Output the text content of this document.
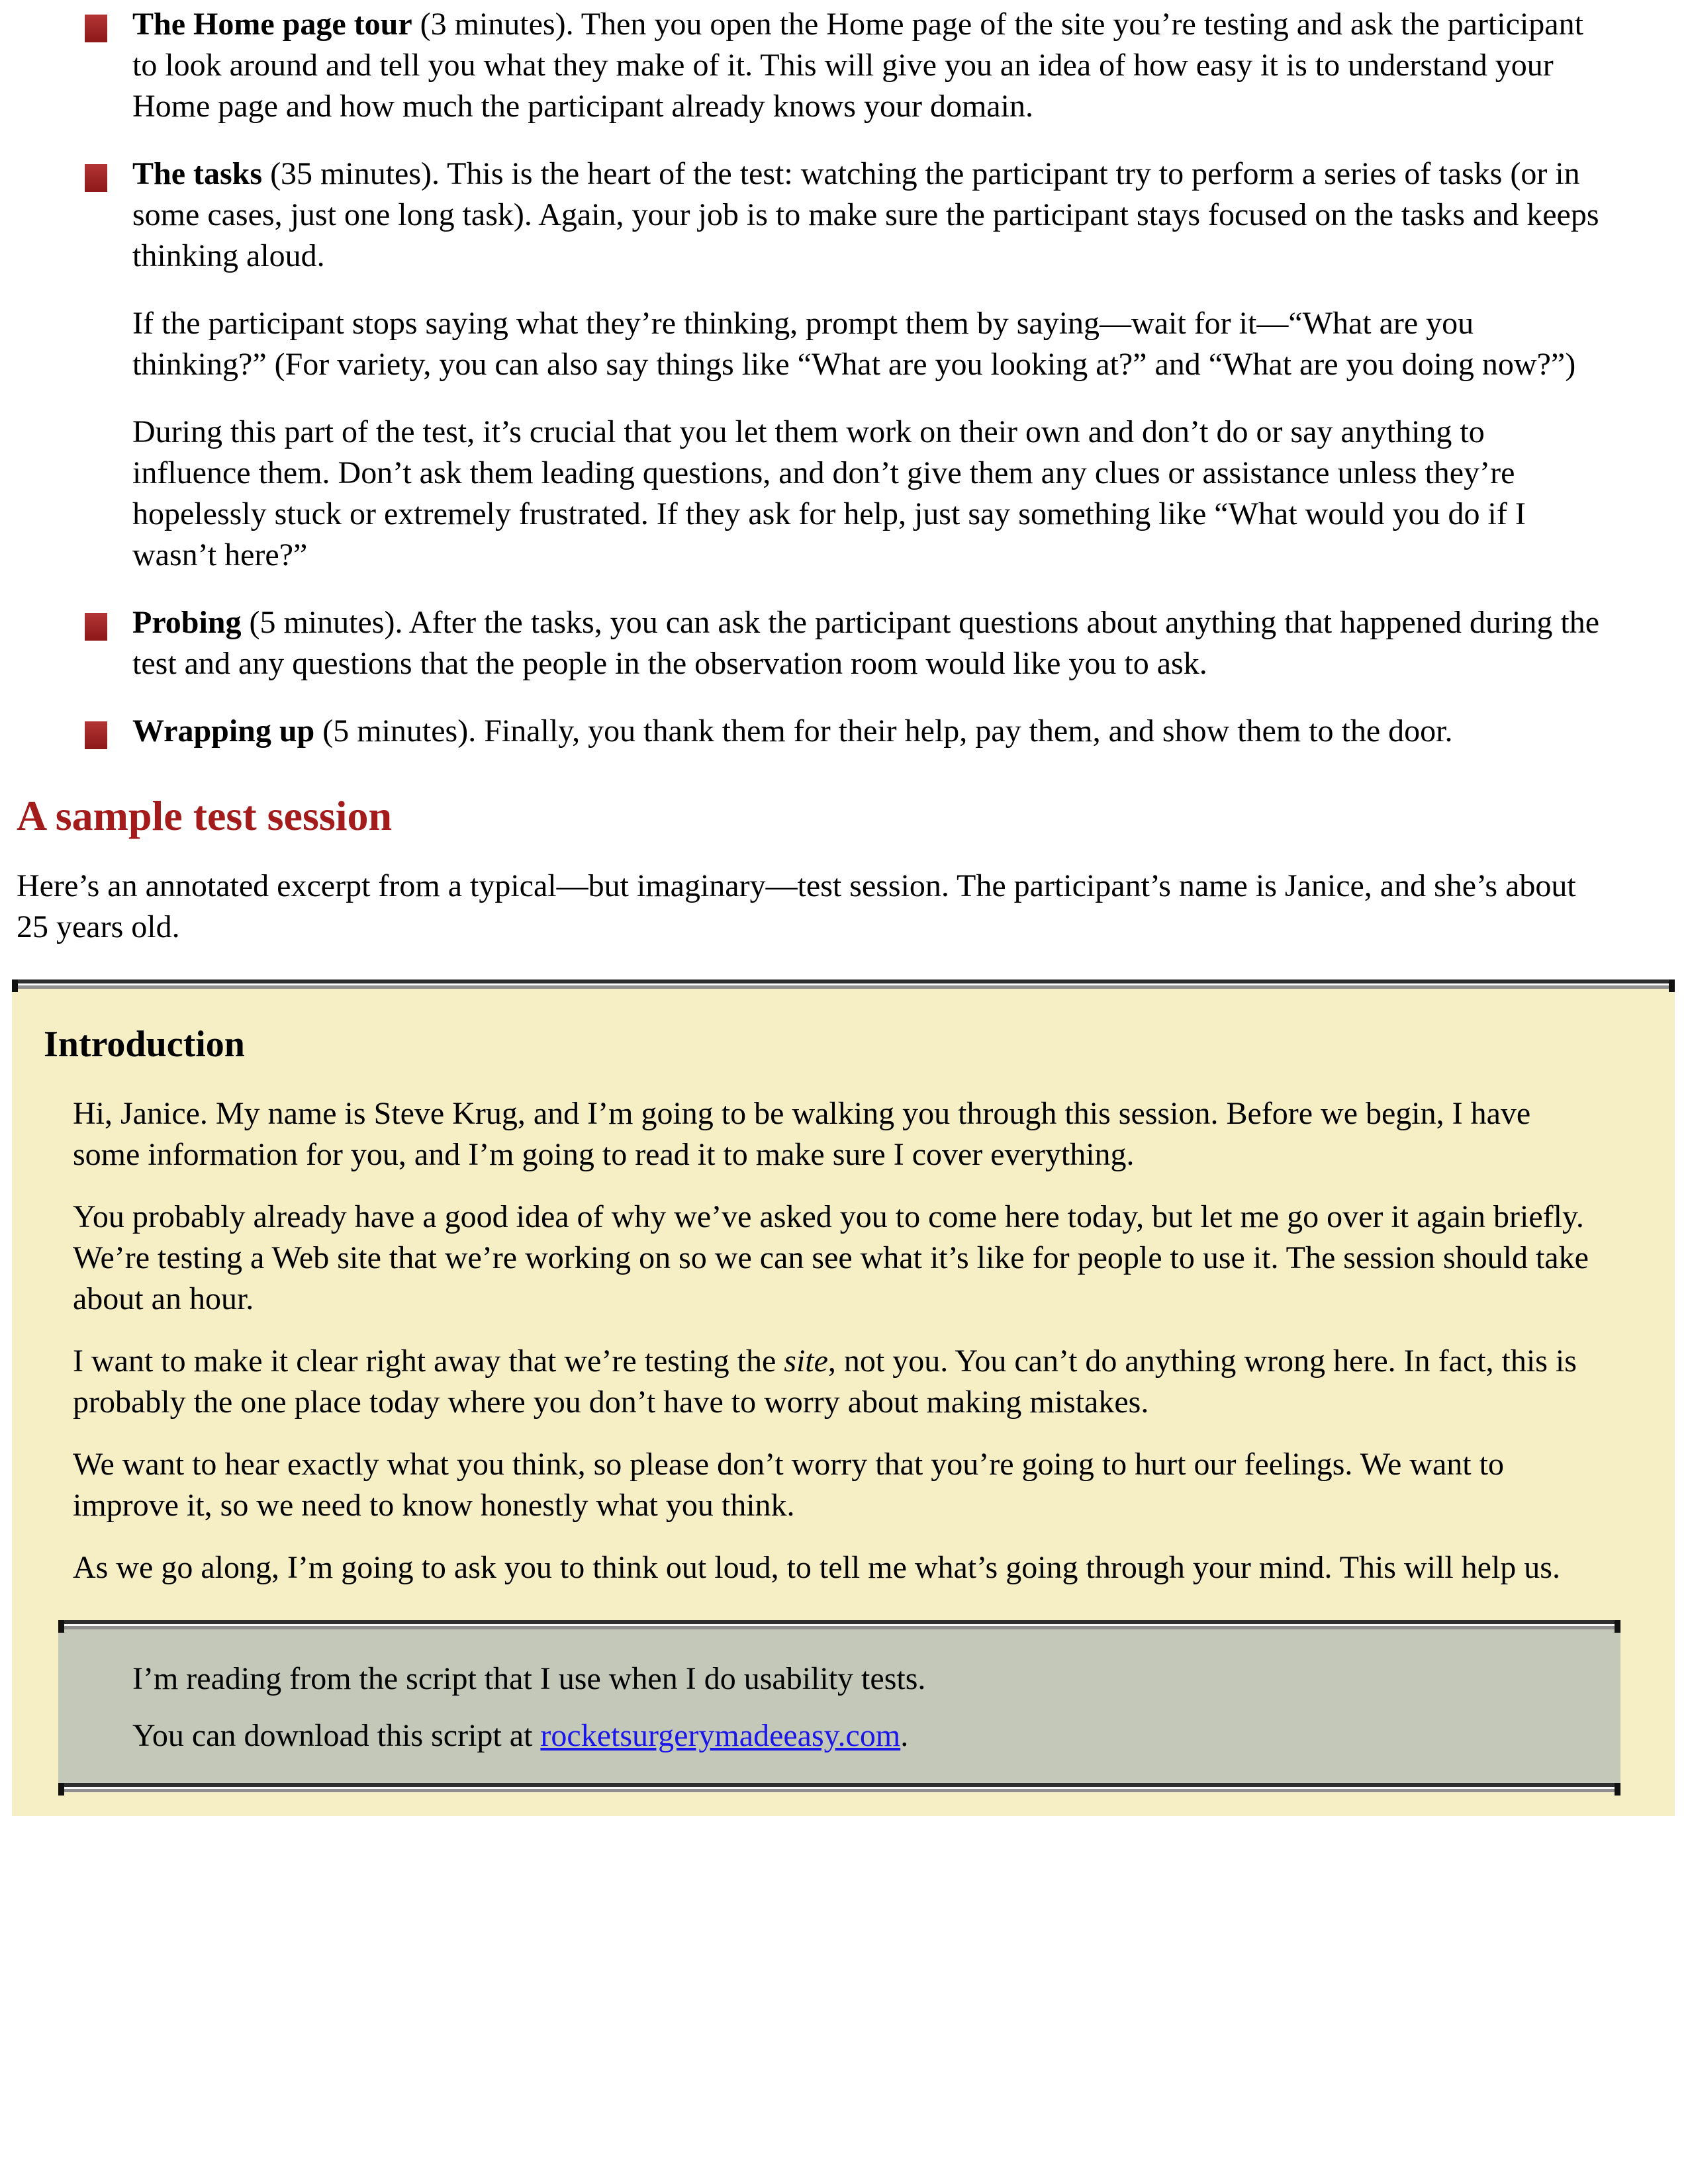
The Home page tour (3 minutes). Then you open the Home page of the site you’re testing and ask the participant to look around and tell you what they make of it. This will give you an idea of how easy it is to understand your Home page and how much the participant already knows your domain.
The tasks (35 minutes). This is the heart of the test: watching the participant try to perform a series of tasks (or in some cases, just one long task). Again, your job is to make sure the participant stays focused on the tasks and keeps thinking aloud.

If the participant stops saying what they’re thinking, prompt them by saying—wait for it—“What are you thinking?” (For variety, you can also say things like “What are you looking at?” and “What are you doing now?”)

During this part of the test, it’s crucial that you let them work on their own and don’t do or say anything to influence them. Don’t ask them leading questions, and don’t give them any clues or assistance unless they’re hopelessly stuck or extremely frustrated. If they ask for help, just say something like “What would you do if I wasn’t here?”

Probing (5 minutes). After the tasks, you can ask the participant questions about anything that happened during the test and any questions that the people in the observation room would like you to ask.
Wrapping up (5 minutes). Finally, you thank them for their help, pay them, and show them to the door.
A sample test session

Here’s an annotated excerpt from a typical—but imaginary—test session. The participant’s name is Janice, and she’s about 25 years old.

Introduction

Hi, Janice. My name is Steve Krug, and I’m going to be walking you through this session. Before we begin, I have some information for you, and I’m going to read it to make sure I cover everything.

You probably already have a good idea of why we’ve asked you to come here today, but let me go over it again briefly. We’re testing a Web site that we’re working on so we can see what it’s like for people to use it. The session should take about an hour.

I want to make it clear right away that we’re testing the site, not you. You can’t do anything wrong here. In fact, this is probably the one place today where you don’t have to worry about making mistakes.

We want to hear exactly what you think, so please don’t worry that you’re going to hurt our feelings. We want to improve it, so we need to know honestly what you think.

As we go along, I’m going to ask you to think out loud, to tell me what’s going through your mind. This will help us.

I’m reading from the script that I use when I do usability tests.

You can download this script at rocketsurgerymadeeasy.com.
